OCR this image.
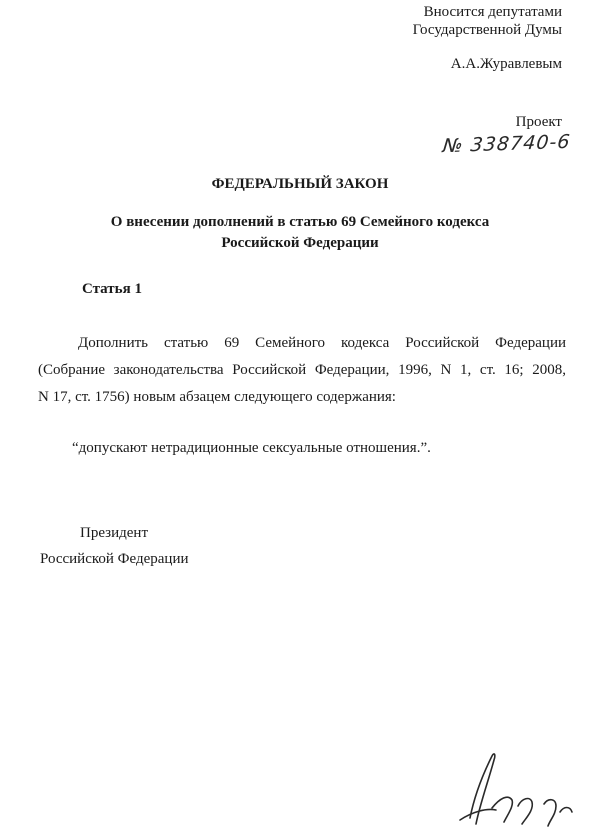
Вносится депутатами
Государственной Думы
А.А.Журавлевым
Проект
№ 338740-6
ФЕДЕРАЛЬНЫЙ ЗАКОН
О внесении дополнений в статью 69 Семейного кодекса
Российской Федерации
Статья 1
Дополнить статью 69 Семейного кодекса Российской Федерации
(Собрание законодательства Российской Федерации, 1996, N 1, ст. 16; 2008,
N 17, ст. 1756) новым абзацем следующего содержания:
“допускают нетрадиционные сексуальные отношения.”.
Президент
Российской Федерации
